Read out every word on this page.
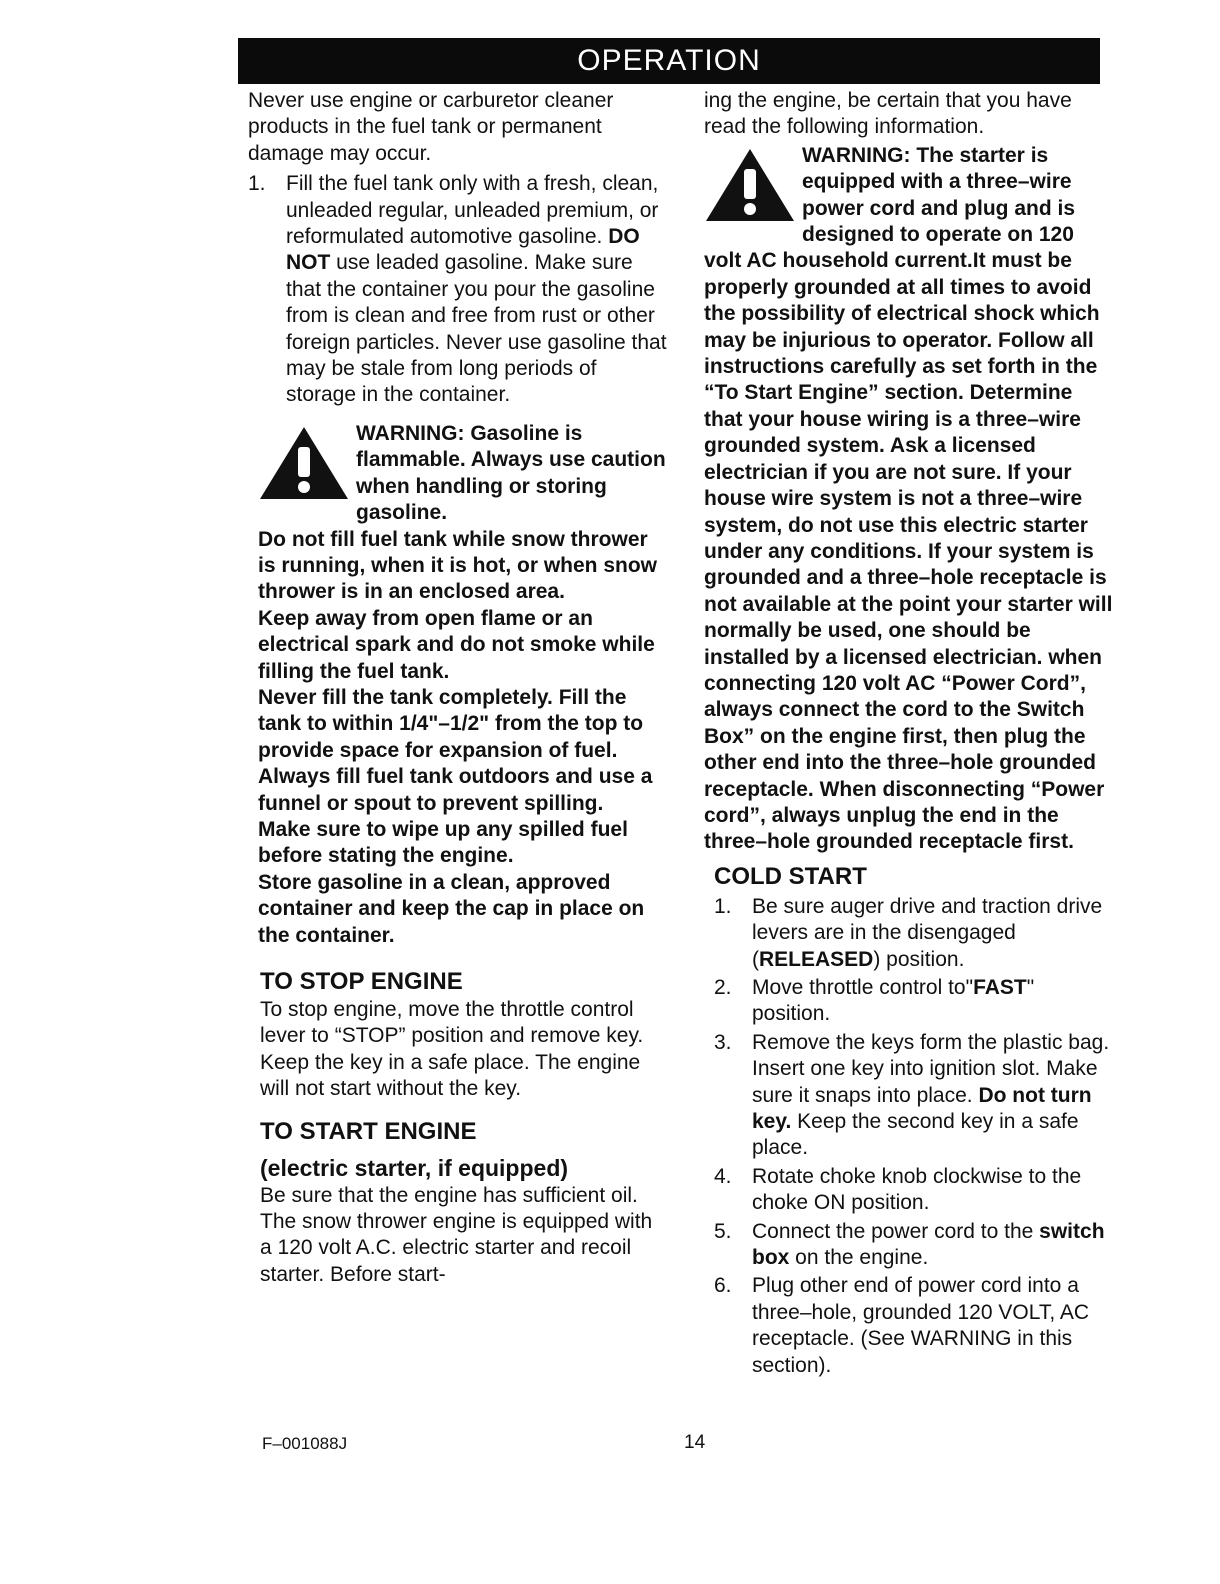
OPERATION

Never use engine or carburetor cleaner products in the fuel tank or permanent damage may occur.

1. Fill the fuel tank only with a fresh, clean, unleaded regular, unleaded premium, or reformulated automotive gasoline. DO NOT use leaded gasoline. Make sure that the container you pour the gasoline from is clean and free from rust or other foreign particles. Never use gasoline that may be stale from long periods of storage in the container.

WARNING: Gasoline is flammable. Always use caution when handling or storing gasoline.

Do not fill fuel tank while snow thrower is running, when it is hot, or when snow thrower is in an enclosed area.

Keep away from open flame or an electrical spark and do not smoke while filling the fuel tank.

Never fill the tank completely. Fill the tank to within 1/4"–1/2" from the top to provide space for expansion of fuel.

Always fill fuel tank outdoors and use a funnel or spout to prevent spilling.

Make sure to wipe up any spilled fuel before stating the engine.

Store gasoline in a clean, approved container and keep the cap in place on the container.

TO STOP ENGINE

To stop engine, move the throttle control lever to “STOP” position and remove key. Keep the key in a safe place. The engine will not start without the key.

TO START ENGINE

(electric starter, if equipped)

Be sure that the engine has sufficient oil. The snow thrower engine is equipped with a 120 volt A.C. electric starter and recoil starter. Before start-

ing the engine, be certain that you have read the following information.

WARNING: The starter is equipped with a three–wire power cord and plug and is designed to operate on 120 volt AC household current.It must be properly grounded at all times to avoid the possibility of electrical shock which may be injurious to operator. Follow all instructions carefully as set forth in the “To Start Engine” section. Determine that your house wiring is a three–wire grounded system. Ask a licensed electrician if you are not sure. If your house wire system is not a three–wire system, do not use this electric starter under any conditions. If your system is grounded and a three–hole receptacle is not available at the point your starter will normally be used, one should be installed by a licensed electrician. when connecting 120 volt AC “Power Cord”, always connect the cord to the Switch Box” on the engine first, then plug the other end into the three–hole grounded receptacle. When disconnecting “Power cord”, always unplug the end in the three–hole grounded receptacle first.

COLD START
1. Be sure auger drive and traction drive levers are in the disengaged (RELEASED) position.
2. Move throttle control to"FAST" position.
3. Remove the keys form the plastic bag. Insert one key into ignition slot. Make sure it snaps into place. Do not turn key. Keep the second key in a safe place.
4. Rotate choke knob clockwise to the choke ON position.
5. Connect the power cord to the switch box on the engine.
6. Plug other end of power cord into a three–hole, grounded 120 VOLT, AC receptacle. (See WARNING in this section).
F–001088J	14
